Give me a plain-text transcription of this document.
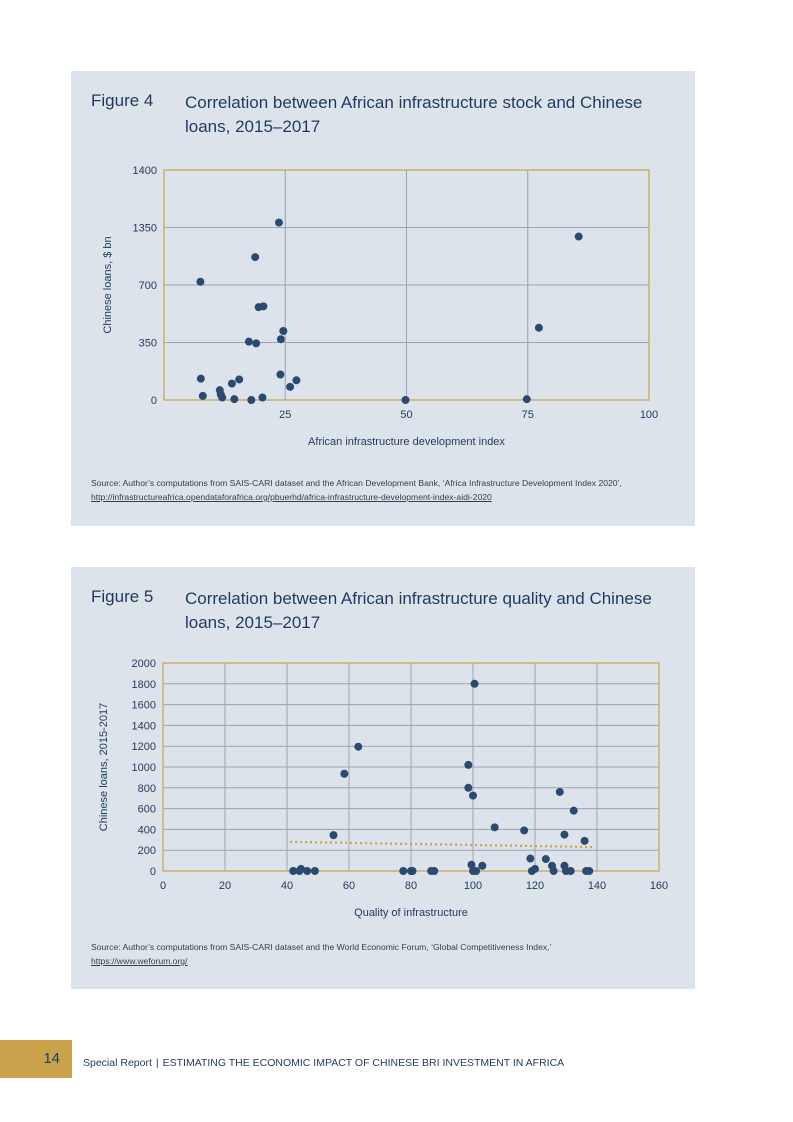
Figure 4 Correlation between African infrastructure stock and Chinese loans, 2015–2017
0
350
700
1350
1400
25	50	75	100
African infrastructure development index
Chinese loans, $ bn
Source: Author’s computations from SAIS-CARI dataset and the African Development Bank, ‘Africa Infrastructure Development Index 2020’, http://infrastructureafrica.opendataforafrica.org/pbuerhd/africa-infrastructure-development-index-aidi-2020
Figure 5 Correlation between African infrastructure quality and Chinese loans, 2015–2017
0
200
400
600
800
1000
1200
1400
1600
1800
2000
0	20	40	60	80	100	120	140	160
Quality of infrastructure
Chinese loans, 2015-2017
Source: Author’s computations from SAIS-CARI dataset and the World Economic Forum, ‘Global Competitiveness Index,’
https://www.weforum.org/
14	Special Report | ESTIMATING THE ECONOMIC IMPACT OF CHINESE BRI INVESTMENT IN AFRICA
